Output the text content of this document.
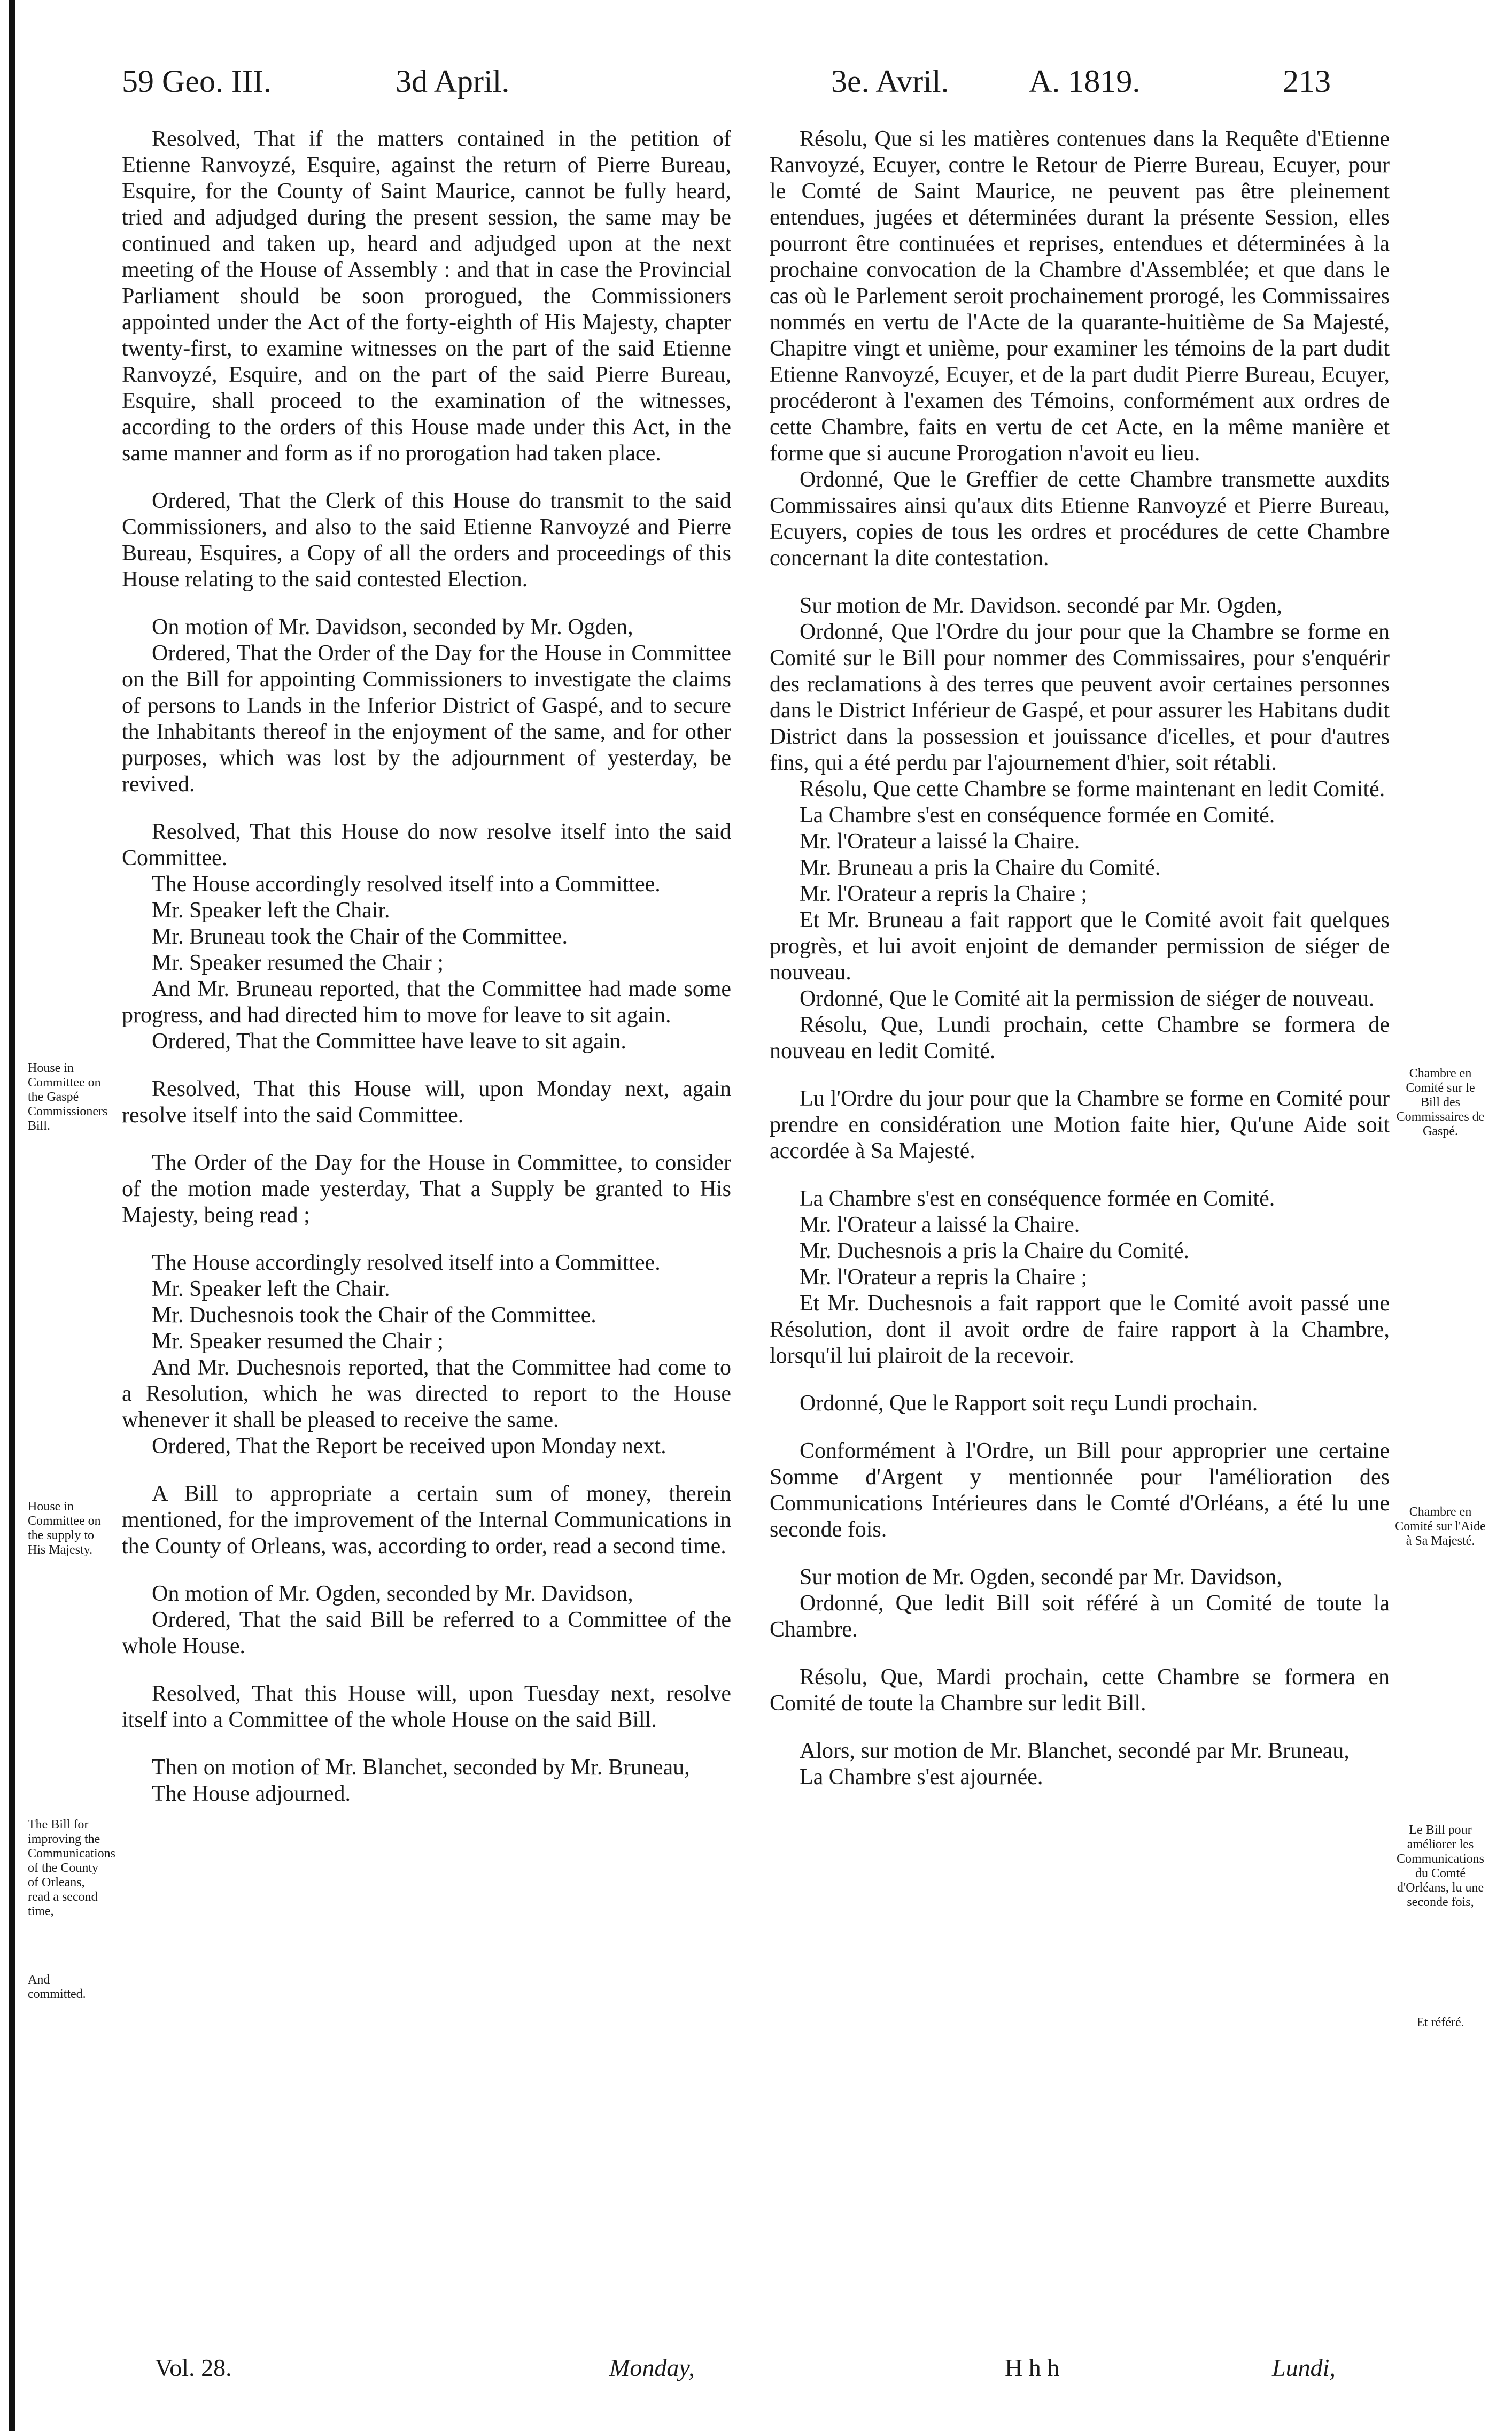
59 Geo. III.	3d April.	3e. Avril. A. 1819.	213

Resolved, That if the matters contained in the petition of Etienne Ranvoyzé, Esquire, against the return of Pierre Bureau, Esquire, for the County of Saint Maurice, cannot be fully heard, tried and adjudged during the present session, the same may be continued and taken up, heard and adjudged upon at the next meeting of the House of Assembly : and that in case the Provincial Parliament should be soon prorogued, the Commissioners appointed under the Act of the forty-eighth of His Majesty, chapter twenty-first, to examine witnesses on the part of the said Etienne Ranvoyzé, Esquire, and on the part of the said Pierre Bureau, Esquire, shall proceed to the examination of the witnesses, according to the orders of this House made under this Act, in the same manner and form as if no prorogation had taken place.

Ordered, That the Clerk of this House do transmit to the said Commissioners, and also to the said Etienne Ranvoyzé and Pierre Bureau, Esquires, a Copy of all the orders and proceedings of this House relating to the said contested Election.

On motion of Mr. Davidson, seconded by Mr. Ogden,

Ordered, That the Order of the Day for the House in Committee on the Bill for appointing Commissioners to investigate the claims of persons to Lands in the Inferior District of Gaspé, and to secure the Inhabitants thereof in the enjoyment of the same, and for other purposes, which was lost by the adjournment of yesterday, be revived.

Resolved, That this House do now resolve itself into the said Committee.

The House accordingly resolved itself into a Committee.

Mr. Speaker left the Chair.

Mr. Bruneau took the Chair of the Committee.

Mr. Speaker resumed the Chair ;

And Mr. Bruneau reported, that the Committee had made some progress, and had directed him to move for leave to sit again.

Ordered, That the Committee have leave to sit again.

Resolved, That this House will, upon Monday next, again resolve itself into the said Committee.

The Order of the Day for the House in Committee, to consider of the motion made yesterday, That a Supply be granted to His Majesty, being read ;

The House accordingly resolved itself into a Committee.

Mr. Speaker left the Chair.

Mr. Duchesnois took the Chair of the Committee.

Mr. Speaker resumed the Chair ;

And Mr. Duchesnois reported, that the Committee had come to a Resolution, which he was directed to report to the House whenever it shall be pleased to receive the same.

Ordered, That the Report be received upon Monday next.

A Bill to appropriate a certain sum of money, therein mentioned, for the improvement of the Internal Communications in the County of Orleans, was, according to order, read a second time.

On motion of Mr. Ogden, seconded by Mr. Davidson,

Ordered, That the said Bill be referred to a Committee of the whole House.

Resolved, That this House will, upon Tuesday next, resolve itself into a Committee of the whole House on the said Bill.

Then on motion of Mr. Blanchet, seconded by Mr. Bruneau,

The House adjourned.

Résolu, Que si les matières contenues dans la Requête d'Etienne Ranvoyzé, Ecuyer, contre le Retour de Pierre Bureau, Ecuyer, pour le Comté de Saint Maurice, ne peuvent pas être pleinement entendues, jugées et déterminées durant la présente Session, elles pourront être continuées et reprises, entendues et déterminées à la prochaine convocation de la Chambre d'Assemblée; et que dans le cas où le Parlement seroit prochainement prorogé, les Commissaires nommés en vertu de l'Acte de la quarante-huitième de Sa Majesté, Chapitre vingt et unième, pour examiner les témoins de la part dudit Etienne Ranvoyzé, Ecuyer, et de la part dudit Pierre Bureau, Ecuyer, procéderont à l'examen des Témoins, conformément aux ordres de cette Chambre, faits en vertu de cet Acte, en la même manière et forme que si aucune Prorogation n'avoit eu lieu.

Ordonné, Que le Greffier de cette Chambre transmette auxdits Commissaires ainsi qu'aux dits Etienne Ranvoyzé et Pierre Bureau, Ecuyers, copies de tous les ordres et procédures de cette Chambre concernant la dite contestation.

Sur motion de Mr. Davidson. secondé par Mr. Ogden,

Ordonné, Que l'Ordre du jour pour que la Chambre se forme en Comité sur le Bill pour nommer des Commissaires, pour s'enquérir des reclamations à des terres que peuvent avoir certaines personnes dans le District Inférieur de Gaspé, et pour assurer les Habitans dudit District dans la possession et jouissance d'icelles, et pour d'autres fins, qui a été perdu par l'ajournement d'hier, soit rétabli.

Résolu, Que cette Chambre se forme maintenant en ledit Comité.

La Chambre s'est en conséquence formée en Comité.

Mr. l'Orateur a laissé la Chaire.

Mr. Bruneau a pris la Chaire du Comité.

Mr. l'Orateur a repris la Chaire ;

Et Mr. Bruneau a fait rapport que le Comité avoit fait quelques progrès, et lui avoit enjoint de demander permission de siéger de nouveau.

Ordonné, Que le Comité ait la permission de siéger de nouveau.

Résolu, Que, Lundi prochain, cette Chambre se formera de nouveau en ledit Comité.

Lu l'Ordre du jour pour que la Chambre se forme en Comité pour prendre en considération une Motion faite hier, Qu'une Aide soit accordée à Sa Majesté.

La Chambre s'est en conséquence formée en Comité.

Mr. l'Orateur a laissé la Chaire.

Mr. Duchesnois a pris la Chaire du Comité.

Mr. l'Orateur a repris la Chaire ;

Et Mr. Duchesnois a fait rapport que le Comité avoit passé une Résolution, dont il avoit ordre de faire rapport à la Chambre, lorsqu'il lui plairoit de la recevoir.

Ordonné, Que le Rapport soit reçu Lundi prochain.

Conformément à l'Ordre, un Bill pour approprier une certaine Somme d'Argent y mentionnée pour l'amélioration des Communications Intérieures dans le Comté d'Orléans, a été lu une seconde fois.

Sur motion de Mr. Ogden, secondé par Mr. Davidson,

Ordonné, Que ledit Bill soit référé à un Comité de toute la Chambre.

Résolu, Que, Mardi prochain, cette Chambre se formera en Comité de toute la Chambre sur ledit Bill.

Alors, sur motion de Mr. Blanchet, secondé par Mr. Bruneau,

La Chambre s'est ajournée.

House in Committee on the Gaspé Commissioners Bill.
House in Committee on the supply to His Majesty.
The Bill for improving the Communications of the County of Orleans, read a second time,
And committed.
Chambre en Comité sur le Bill des Commissaires de Gaspé.
Chambre en Comité sur l'Aide à Sa Majesté.
Le Bill pour améliorer les Communications du Comté d'Orléans, lu une seconde fois,
Et référé.
Vol. 28.	Monday,	H h h	Lundi,
